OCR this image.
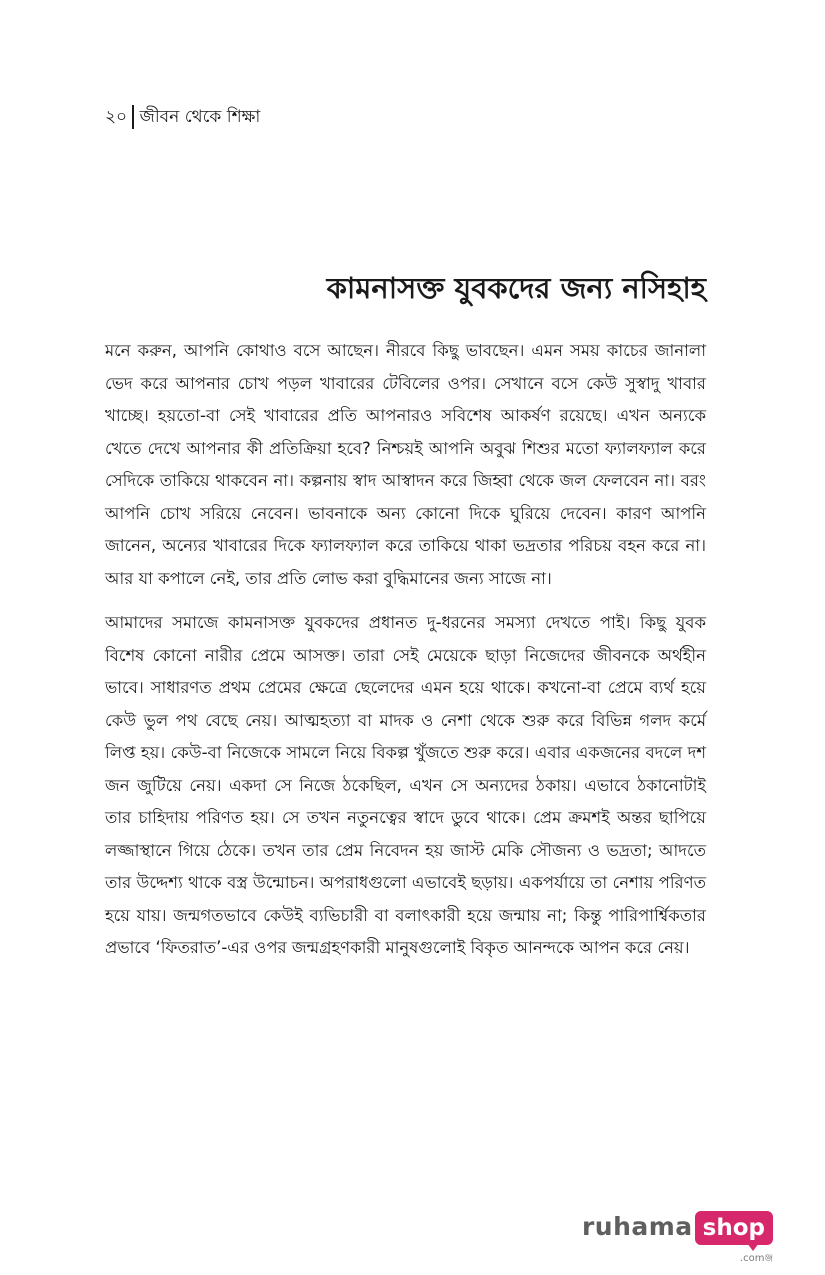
২০ জীবন থেকে শিক্ষা
কামনাসক্ত যুবকদের জন্য নসিহাহ

মনে করুন, আপনি কোথাও বসে আছেন। নীরবে কিছু ভাবছেন। এমন সময় কাচের জানালা ভেদ করে আপনার চোখ পড়ল খাবারের টেবিলের ওপর। সেখানে বসে কেউ সুস্বাদু খাবার খাচ্ছে। হয়তো-বা সেই খাবারের প্রতি আপনারও সবিশেষ আকর্ষণ রয়েছে। এখন অন্যকে খেতে দেখে আপনার কী প্রতিক্রিয়া হবে? নিশ্চয়ই আপনি অবুঝ শিশুর মতো ফ্যালফ্যাল করে সেদিকে তাকিয়ে থাকবেন না। কল্পনায় স্বাদ আস্বাদন করে জিহ্বা থেকে জল ফেলবেন না। বরং আপনি চোখ সরিয়ে নেবেন। ভাবনাকে অন্য কোনো দিকে ঘুরিয়ে দেবেন। কারণ আপনি জানেন, অন্যের খাবারের দিকে ফ্যালফ্যাল করে তাকিয়ে থাকা ভদ্রতার পরিচয় বহন করে না। আর যা কপালে নেই, তার প্রতি লোভ করা বুদ্ধিমানের জন্য সাজে না।

আমাদের সমাজে কামনাসক্ত যুবকদের প্রধানত দু-ধরনের সমস্যা দেখতে পাই। কিছু যুবক বিশেষ কোনো নারীর প্রেমে আসক্ত। তারা সেই মেয়েকে ছাড়া নিজেদের জীবনকে অর্থহীন ভাবে। সাধারণত প্রথম প্রেমের ক্ষেত্রে ছেলেদের এমন হয়ে থাকে। কখনো-বা প্রেমে ব্যর্থ হয়ে কেউ ভুল পথ বেছে নেয়। আত্মহত্যা বা মাদক ও নেশা থেকে শুরু করে বিভিন্ন গলদ কর্মে লিপ্ত হয়। কেউ-বা নিজেকে সামলে নিয়ে বিকল্প খুঁজতে শুরু করে। এবার একজনের বদলে দশ জন জুটিয়ে নেয়। একদা সে নিজে ঠকেছিল, এখন সে অন্যদের ঠকায়। এভাবে ঠকানোটাই তার চাহিদায় পরিণত হয়। সে তখন নতুনত্বের স্বাদে ডুবে থাকে। প্রেম ক্রমশই অন্তর ছাপিয়ে লজ্জাস্থানে গিয়ে ঠেকে। তখন তার প্রেম নিবেদন হয় জাস্ট মেকি সৌজন্য ও ভদ্রতা; আদতে তার উদ্দেশ্য থাকে বস্ত্র উন্মোচন। অপরাধগুলো এভাবেই ছড়ায়। একপর্যায়ে তা নেশায় পরিণত হয়ে যায়। জন্মগতভাবে কেউই ব্যভিচারী বা বলাৎকারী হয়ে জন্মায় না; কিন্তু পারিপার্শ্বিকতার প্রভাবে ‘ফিতরাত’-এর ওপর জন্মগ্রহণকারী মানুষগুলোই বিকৃত আনন্দকে আপন করে নেয়।

ruhama shop
.comঞ্জ
